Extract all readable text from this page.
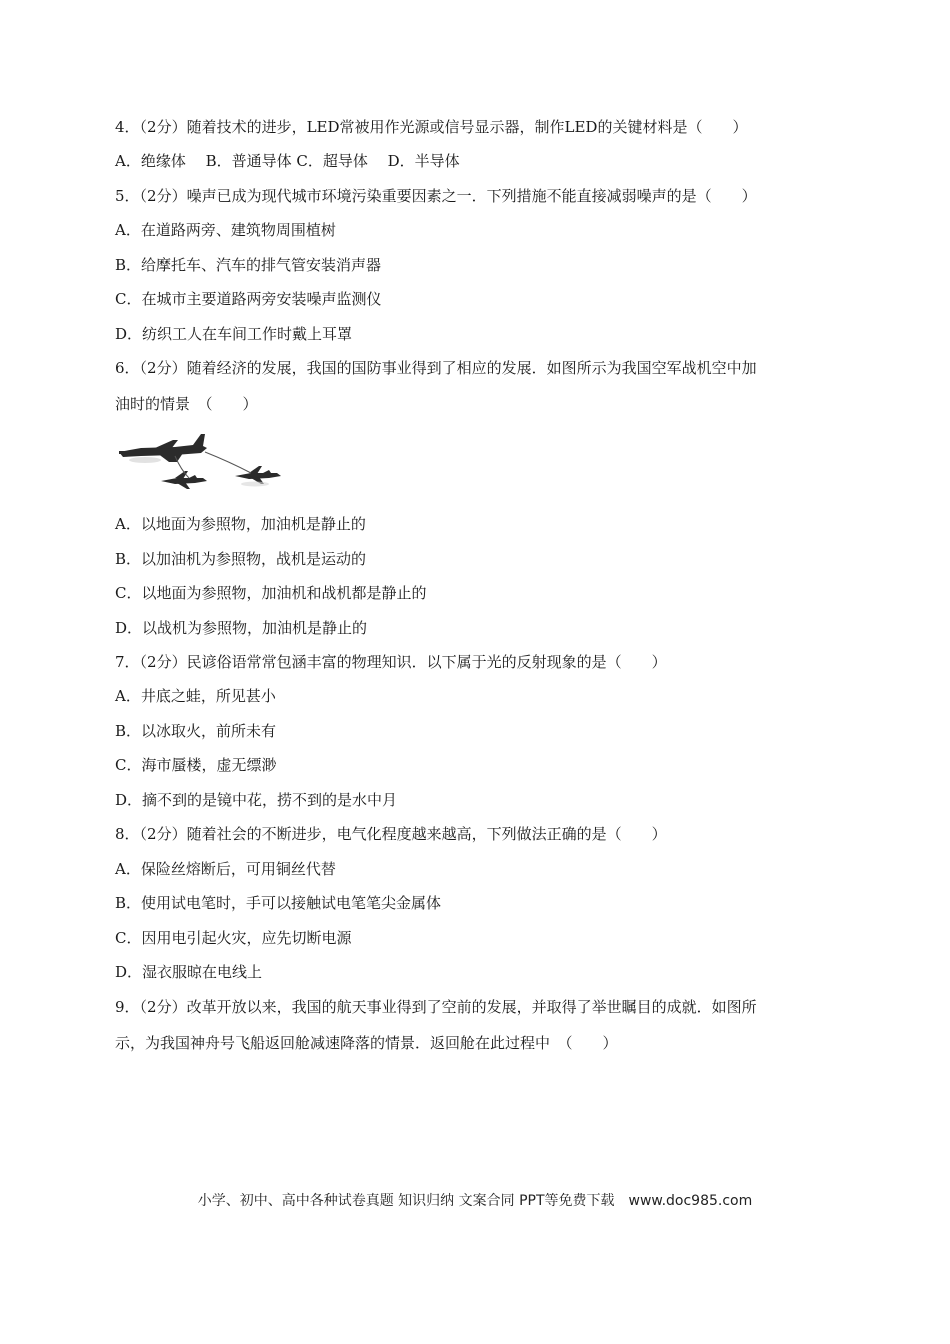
4．（2分）随着技术的进步，LED常被用作光源或信号显示器，制作LED的关键材料是（　　）
A．绝缘体　 B．普通导体 C．超导体 　D．半导体
5．（2分）噪声已成为现代城市环境污染重要因素之一．下列措施不能直接减弱噪声的是（　　）
A．在道路两旁、建筑物周围植树
B．给摩托车、汽车的排气管安装消声器
C．在城市主要道路两旁安装噪声监测仪
D．纺织工人在车间工作时戴上耳罩
6．（2分）随着经济的发展，我国的国防事业得到了相应的发展．如图所示为我国空军战机空中加
油时的情景　（　　）
A．以地面为参照物，加油机是静止的
B．以加油机为参照物，战机是运动的
C．以地面为参照物，加油机和战机都是静止的
D．以战机为参照物，加油机是静止的
7．（2分）民谚俗语常常包涵丰富的物理知识．以下属于光的反射现象的是（　　）
A．井底之蛙，所见甚小
B．以冰取火，前所未有
C．海市蜃楼，虚无缥渺
D．摘不到的是镜中花，捞不到的是水中月
8．（2分）随着社会的不断进步，电气化程度越来越高，下列做法正确的是（　　）
A．保险丝熔断后，可用铜丝代替
B．使用试电笔时，手可以接触试电笔笔尖金属体
C．因用电引起火灾，应先切断电源
D．湿衣服晾在电线上
9．（2分）改革开放以来，我国的航天事业得到了空前的发展，并取得了举世瞩目的成就．如图所
示，为我国神舟号飞船返回舱减速降落的情景．返回舱在此过程中　（　　）
小学、初中、高中各种试卷真题 知识归纳 文案合同 PPT等免费下载　www.doc985.com
